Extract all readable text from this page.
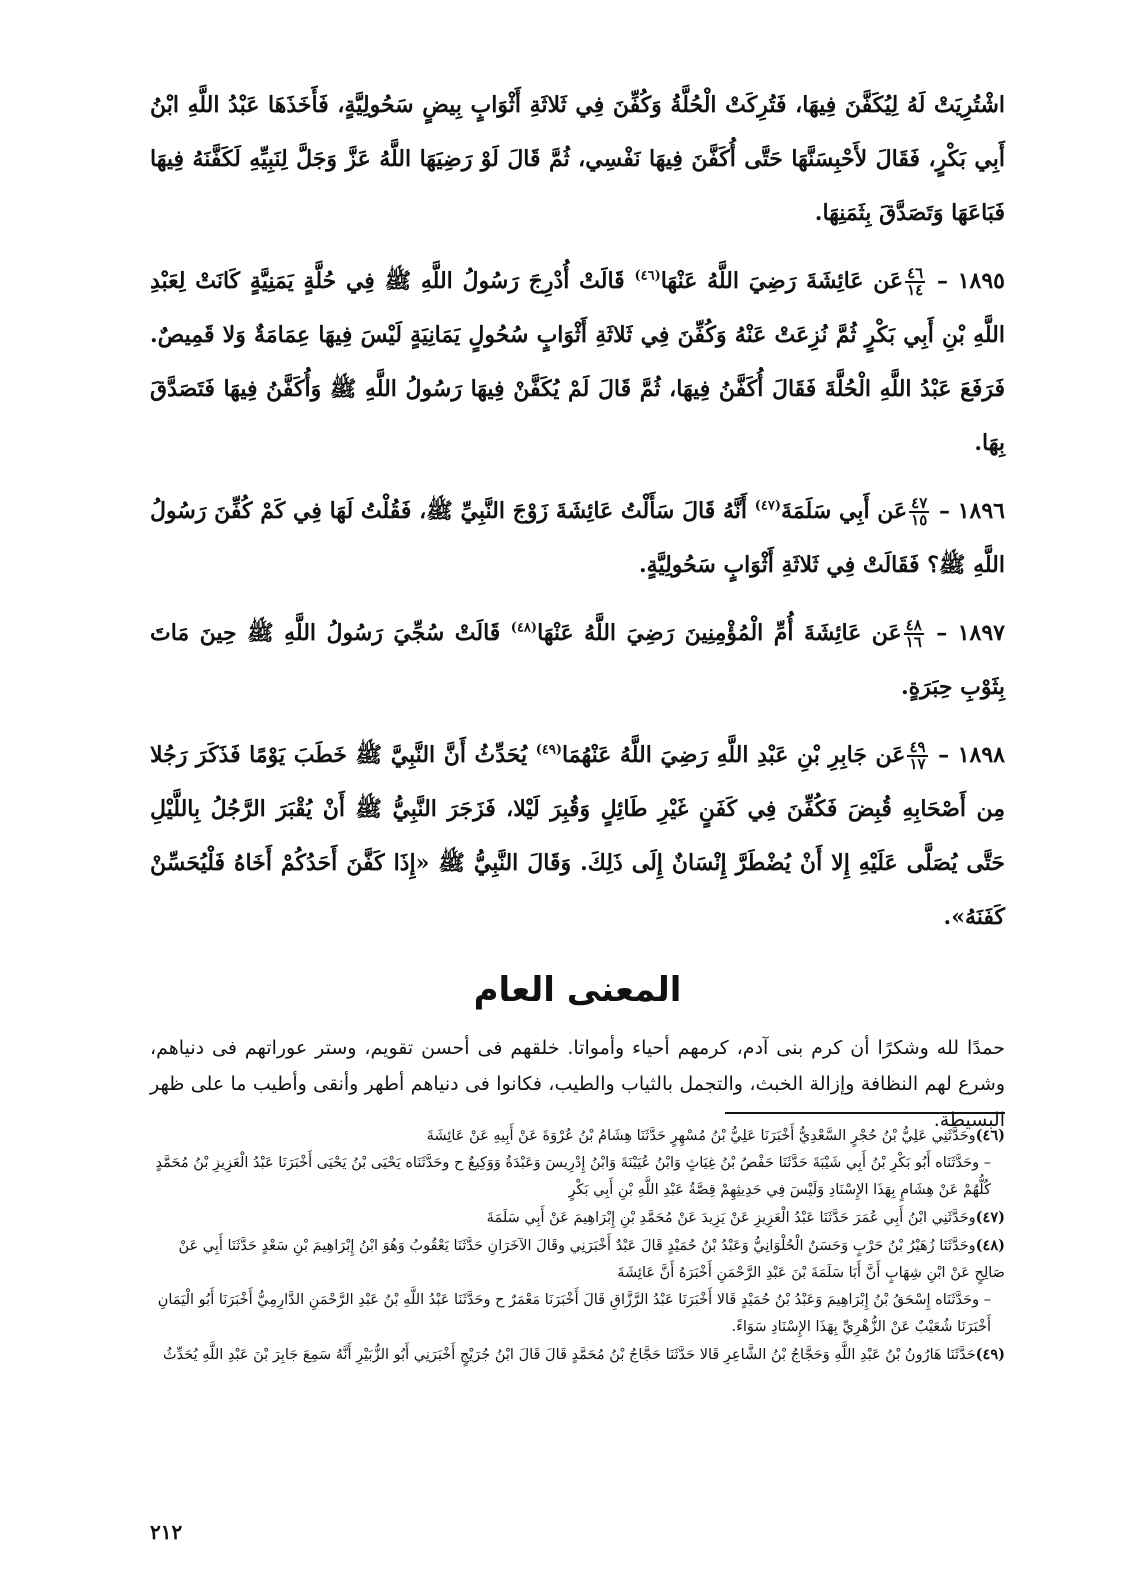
اشْتُرِيَتْ لَهُ لِيُكَفَّنَ فِيهَا، فَتُرِكَتْ الْحُلَّةُ وَكُفِّنَ فِي ثَلاثَةِ أَثْوَابٍ بِيضٍ سَحُولِيَّةٍ، فَأَخَذَهَا عَبْدُ اللَّهِ ابْنُ أَبِي بَكْرٍ، فَقَالَ لأَحْبِسَنَّهَا حَتَّى أُكَفَّنَ فِيهَا نَفْسِي، ثُمَّ قَالَ لَوْ رَضِيَهَا اللَّهُ عَزَّ وَجَلَّ لِنَبِيِّهِ لَكَفَّنَهُ فِيهَا فَبَاعَهَا وَتَصَدَّقَ بِثَمَنِهَا.

١٨٩٥ –
$\frac{٤٦}{١٤}$
عَن عَائِشَةَ رَضِيَ اللَّهُ عَنْهَا$^{(٤٦)}$ قَالَتْ أُدْرِجَ رَسُولُ اللَّهِ ﷺ فِي حُلَّةٍ يَمَنِيَّةٍ كَانَتْ لِعَبْدِ اللَّهِ بْنِ أَبِي بَكْرٍ ثُمَّ نُزِعَتْ عَنْهُ وَكُفِّنَ فِي ثَلاثَةِ أَثْوَابٍ سُحُولٍ يَمَانِيَةٍ لَيْسَ فِيهَا عِمَامَةٌ وَلا قَمِيصٌ. فَرَفَعَ عَبْدُ اللَّهِ الْحُلَّةَ فَقَالَ أُكَفَّنُ فِيهَا، ثُمَّ قَالَ لَمْ يُكَفَّنْ فِيهَا رَسُولُ اللَّهِ ﷺ وَأُكَفَّنُ فِيهَا فَتَصَدَّقَ بِهَا.

١٨٩٦ –
$\frac{٤٧}{١٥}$
عَن أَبِي سَلَمَةَ$^{(٤٧)}$ أَنَّهُ قَالَ سَأَلْتُ عَائِشَةَ زَوْجَ النَّبِيِّ ﷺ، فَقُلْتُ لَهَا فِي كَمْ كُفِّنَ رَسُولُ اللَّهِ ﷺ؟ فَقَالَتْ فِي ثَلاثَةِ أَثْوَابٍ سَحُولِيَّةٍ.

١٨٩٧ –
$\frac{٤٨}{١٦}$
عَن عَائِشَةَ أُمِّ الْمُؤْمِنِينَ رَضِيَ اللَّهُ عَنْهَا$^{(٤٨)}$ قَالَتْ سُجِّيَ رَسُولُ اللَّهِ ﷺ حِينَ مَاتَ بِثَوْبِ حِبَرَةٍ.

١٨٩٨ –
$\frac{٤٩}{١٧}$
عَن جَابِرِ بْنِ عَبْدِ اللَّهِ رَضِيَ اللَّهُ عَنْهُمَا$^{(٤٩)}$ يُحَدِّثُ أَنَّ النَّبِيَّ ﷺ خَطَبَ يَوْمًا فَذَكَرَ رَجُلا مِن أَصْحَابِهِ قُبِضَ فَكُفِّنَ فِي كَفَنٍ غَيْرِ طَائِلٍ وَقُبِرَ لَيْلا، فَزَجَرَ النَّبِيُّ ﷺ أَنْ يُقْبَرَ الرَّجُلُ بِاللَّيْلِ حَتَّى يُصَلَّى عَلَيْهِ إِلا أَنْ يُضْطَرَّ إِنْسَانٌ إِلَى ذَلِكَ. وَقَالَ النَّبِيُّ ﷺ «إِذَا كَفَّنَ أَحَدُكُمْ أَخَاهُ فَلْيُحَسِّنْ كَفَنَهُ».

المعنى العام

حمدًا لله وشكرًا أن كرم بنى آدم، كرمهم أحياء وأمواتا. خلقهم فى أحسن تقويم، وستر عوراتهم فى دنياهم، وشرع لهم النظافة وإزالة الخبث، والتجمل بالثياب والطيب، فكانوا فى دنياهم أطهر وأنقى وأطيب ما على ظهر البسيطة.

(٤٦)وحَدَّثَنِي عَلِيُّ بْنُ حُجْرٍ السَّعْدِيُّ أَخْبَرَنَا عَلِيُّ بْنُ مُسْهِرٍ حَدَّثَنَا هِشَامُ بْنُ عُرْوَةَ عَنْ أَبِيهِ عَنْ عَائِشَةَ

– وحَدَّثَنَاه أَبُو بَكْرِ بْنُ أَبِي شَيْبَةَ حَدَّثَنَا حَفْصُ بْنُ غِيَاثٍ وَابْنُ عُيَيْنَةَ وَابْنُ إِدْرِيسَ وَعَبْدَةُ وَوَكِيعٌ ح وحَدَّثَنَاه يَحْيَى بْنُ يَحْيَى أَخْبَرَنَا عَبْدُ الْعَزِيزِ بْنُ مُحَمَّدٍ كُلُّهُمْ عَنْ هِشَامٍ بِهَذَا الإِسْنَادِ وَلَيْسَ فِي حَدِيثِهِمْ قِصَّةُ عَبْدِ اللَّهِ بْنِ أَبِي بَكْرٍ

(٤٧)وحَدَّثَنِي ابْنُ أَبِي عُمَرَ حَدَّثَنَا عَبْدُ الْعَزِيزِ عَنْ يَزِيدَ عَنْ مُحَمَّدِ بْنِ إِبْرَاهِيمَ عَنْ أَبِي سَلَمَةَ

(٤٨)وحَدَّثَنَا زُهَيْرُ بْنُ حَرْبٍ وَحَسَنٌ الْحُلْوَانِيُّ وَعَبْدُ بْنُ حُمَيْدٍ قَالَ عَبْدٌ أَخْبَرَنِي وقَالَ الآخَرَانِ حَدَّثَنَا يَعْقُوبُ وَهُوَ ابْنُ إِبْرَاهِيمَ بْنِ سَعْدٍ حَدَّثَنَا أَبِي عَنْ صَالِحٍ عَنْ ابْنِ شِهَابٍ أَنَّ أَبَا سَلَمَةَ بْنَ عَبْدِ الرَّحْمَنِ أَخْبَرَهُ أَنَّ عَائِشَةَ

– وحَدَّثَنَاه إِسْحَقُ بْنُ إِبْرَاهِيمَ وَعَبْدُ بْنُ حُمَيْدٍ قَالا أَخْبَرَنَا عَبْدُ الرَّزَّاقِ قَالَ أَخْبَرَنَا مَعْمَرٌ ح وحَدَّثَنَا عَبْدُ اللَّهِ بْنُ عَبْدِ الرَّحْمَنِ الدَّارِمِيُّ أَخْبَرَنَا أَبُو الْيَمَانِ أَخْبَرَنَا شُعَيْبٌ عَنْ الزُّهْرِيِّ بِهَذَا الإِسْنَادِ سَوَاءً.

(٤٩)حَدَّثَنَا هَارُونُ بْنُ عَبْدِ اللَّهِ وَحَجَّاجُ بْنُ الشَّاعِرِ قَالا حَدَّثَنَا حَجَّاجُ بْنُ مُحَمَّدٍ قَالَ قَالَ ابْنُ جُرَيْجٍ أَخْبَرَنِي أَبُو الزُّبَيْرِ أَنَّهُ سَمِعَ جَابِرَ بْنَ عَبْدِ اللَّهِ يُحَدِّثُ

٢١٢
